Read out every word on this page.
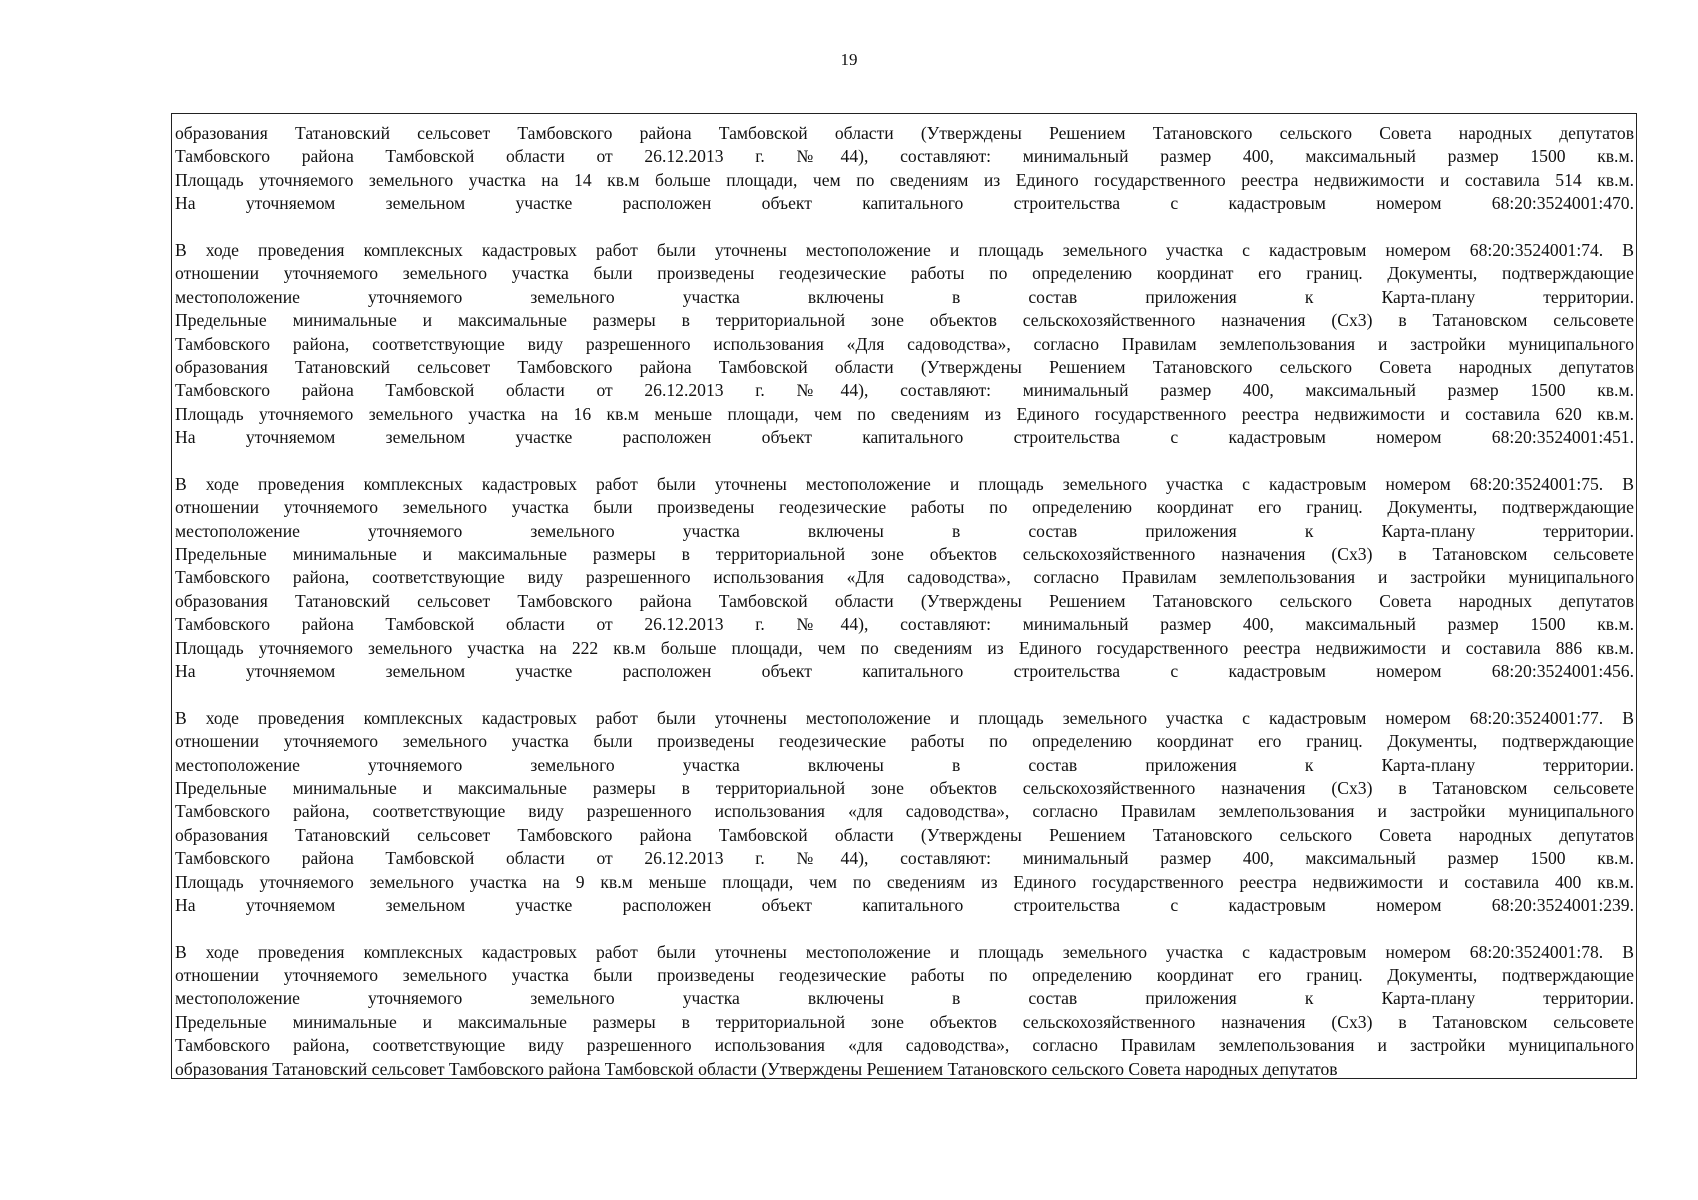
19
образования Татановский сельсовет Тамбовского района Тамбовской области (Утверждены Решением Татановского сельского Совета народных депутатов
Тамбовского района Тамбовской области от 26.12.2013 г. №44), составляют: минимальный размер 400, максимальный размер 1500 кв.м.
Площадь уточняемого земельного участка на 14 кв.м больше площади, чем по сведениям из Единого государственного реестра недвижимости и составила 514 кв.м.
На уточняемом земельном участке расположен объект капитального строительства с кадастровым номером 68:20:3524001:470.
В ходе проведения комплексных кадастровых работ были уточнены местоположение и площадь земельного участка с кадастровым номером 68:20:3524001:74. В
отношении уточняемого земельного участка были произведены геодезические работы по определению координат его границ. Документы, подтверждающие
местоположение уточняемого земельного участка включены в состав приложения к Карта-плану территории.
Предельные минимальные и максимальные размеры в территориальной зоне объектов сельскохозяйственного назначения (Сх3) в Татановском сельсовете
Тамбовского района, соответствующие виду разрешенного использования «Для садоводства», согласно Правилам землепользования и застройки муниципального
образования Татановский сельсовет Тамбовского района Тамбовской области (Утверждены Решением Татановского сельского Совета народных депутатов
Тамбовского района Тамбовской области от 26.12.2013 г. №44), составляют: минимальный размер 400, максимальный размер 1500 кв.м.
Площадь уточняемого земельного участка на 16 кв.м меньше площади, чем по сведениям из Единого государственного реестра недвижимости и составила 620 кв.м.
На уточняемом земельном участке расположен объект капитального строительства с кадастровым номером 68:20:3524001:451.
В ходе проведения комплексных кадастровых работ были уточнены местоположение и площадь земельного участка с кадастровым номером 68:20:3524001:75. В
отношении уточняемого земельного участка были произведены геодезические работы по определению координат его границ. Документы, подтверждающие
местоположение уточняемого земельного участка включены в состав приложения к Карта-плану территории.
Предельные минимальные и максимальные размеры в территориальной зоне объектов сельскохозяйственного назначения (Сх3) в Татановском сельсовете
Тамбовского района, соответствующие виду разрешенного использования «Для садоводства», согласно Правилам землепользования и застройки муниципального
образования Татановский сельсовет Тамбовского района Тамбовской области (Утверждены Решением Татановского сельского Совета народных депутатов
Тамбовского района Тамбовской области от 26.12.2013 г. №44), составляют: минимальный размер 400, максимальный размер 1500 кв.м.
Площадь уточняемого земельного участка на 222 кв.м больше площади, чем по сведениям из Единого государственного реестра недвижимости и составила 886 кв.м.
На уточняемом земельном участке расположен объект капитального строительства с кадастровым номером 68:20:3524001:456.
В ходе проведения комплексных кадастровых работ были уточнены местоположение и площадь земельного участка с кадастровым номером 68:20:3524001:77. В
отношении уточняемого земельного участка были произведены геодезические работы по определению координат его границ. Документы, подтверждающие
местоположение уточняемого земельного участка включены в состав приложения к Карта-плану территории.
Предельные минимальные и максимальные размеры в территориальной зоне объектов сельскохозяйственного назначения (Сх3) в Татановском сельсовете
Тамбовского района, соответствующие виду разрешенного использования «для садоводства», согласно Правилам землепользования и застройки муниципального
образования Татановский сельсовет Тамбовского района Тамбовской области (Утверждены Решением Татановского сельского Совета народных депутатов
Тамбовского района Тамбовской области от 26.12.2013 г. №44), составляют: минимальный размер 400, максимальный размер 1500 кв.м.
Площадь уточняемого земельного участка на 9 кв.м меньше площади, чем по сведениям из Единого государственного реестра недвижимости и составила 400 кв.м.
На уточняемом земельном участке расположен объект капитального строительства с кадастровым номером 68:20:3524001:239.
В ходе проведения комплексных кадастровых работ были уточнены местоположение и площадь земельного участка с кадастровым номером 68:20:3524001:78. В
отношении уточняемого земельного участка были произведены геодезические работы по определению координат его границ. Документы, подтверждающие
местоположение уточняемого земельного участка включены в состав приложения к Карта-плану территории.
Предельные минимальные и максимальные размеры в территориальной зоне объектов сельскохозяйственного назначения (Сх3) в Татановском сельсовете
Тамбовского района, соответствующие виду разрешенного использования «для садоводства», согласно Правилам землепользования и застройки муниципального
образования Татановский сельсовет Тамбовского района Тамбовской области (Утверждены Решением Татановского сельского Совета народных депутатов
